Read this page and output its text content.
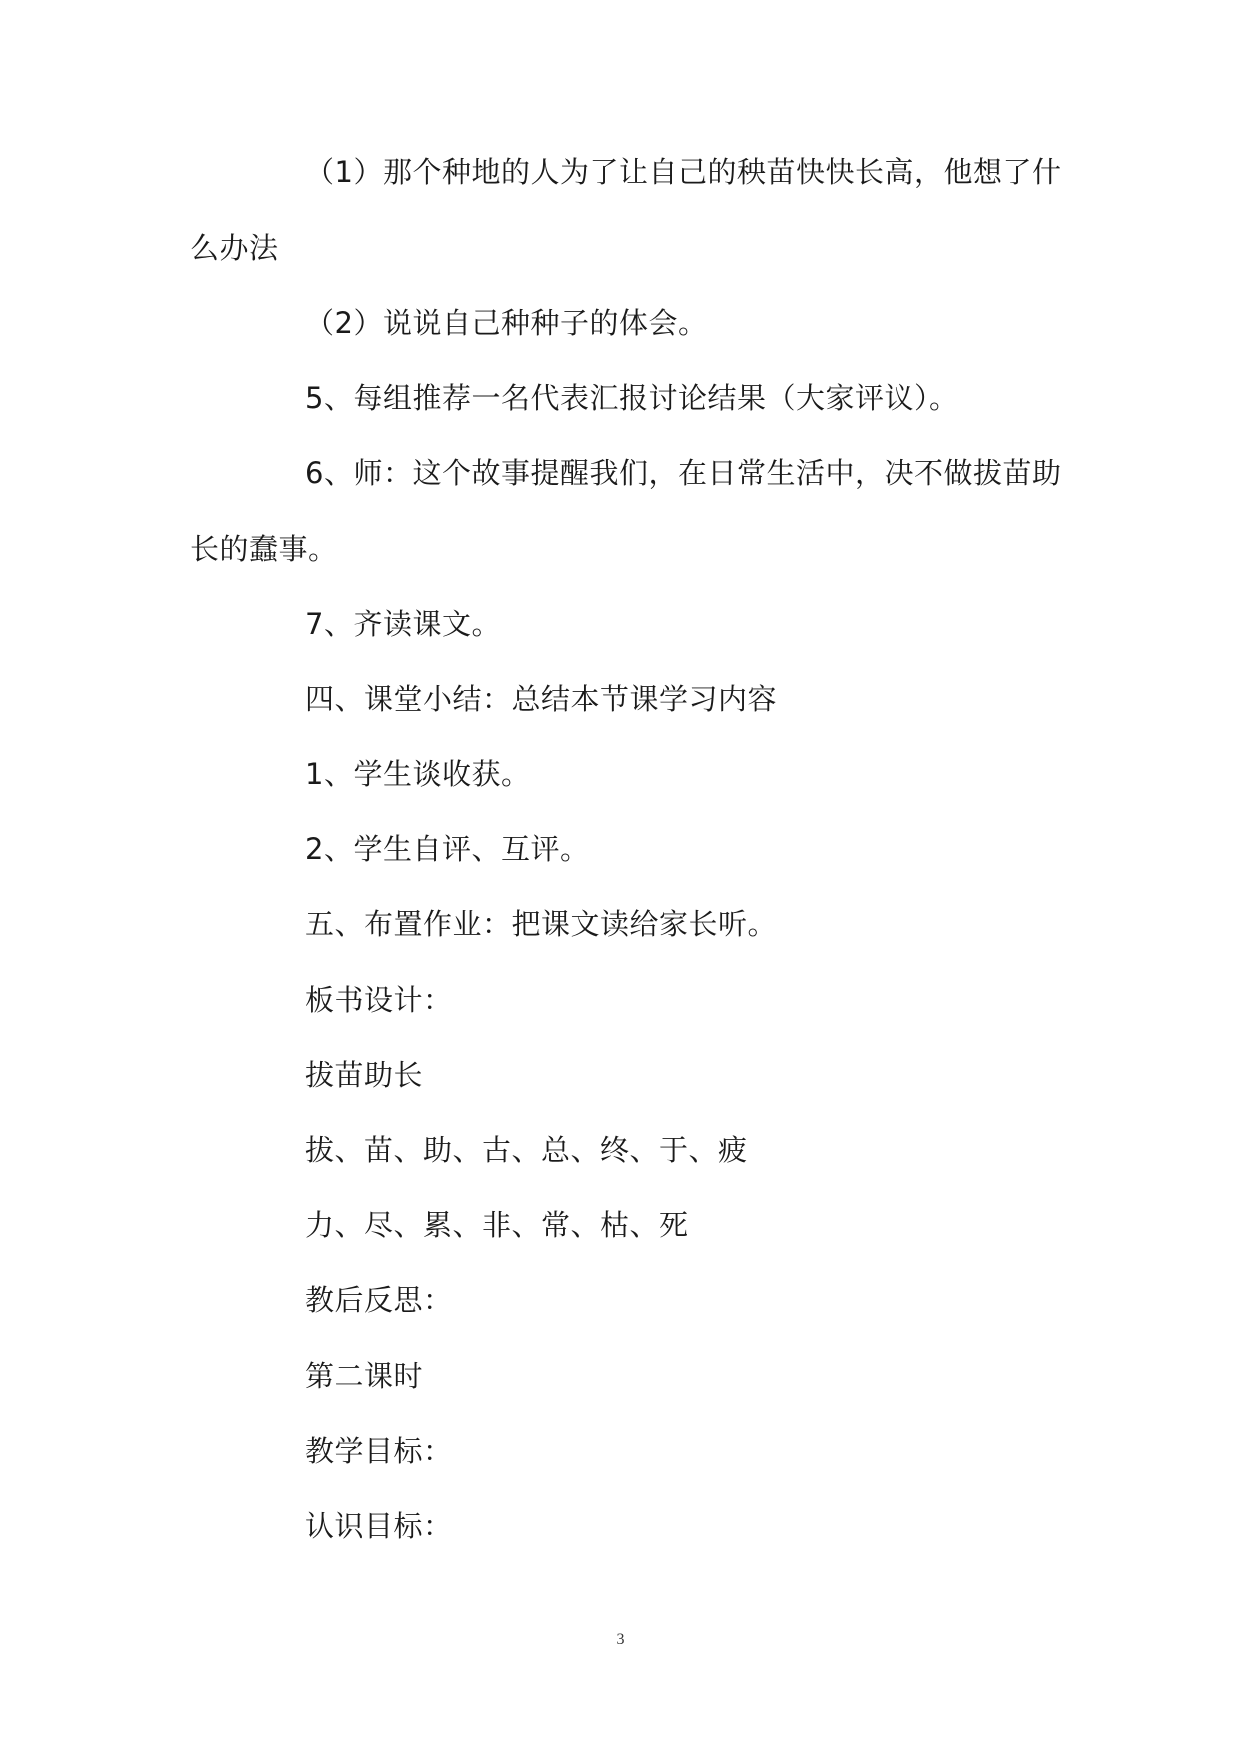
（1）那个种地的人为了让自己的秧苗快快长高，他想了什
么办法
（2）说说自己种种子的体会。
5、每组推荐一名代表汇报讨论结果（大家评议）。
6、师：这个故事提醒我们，在日常生活中，决不做拔苗助
长的蠢事。
7、齐读课文。
四、课堂小结：总结本节课学习内容
1、学生谈收获。
2、学生自评、互评。
五、布置作业：把课文读给家长听。
板书设计：
拔苗助长
拔、苗、助、古、总、终、于、疲
力、尽、累、非、常、枯、死
教后反思：
第二课时
教学目标：
认识目标：
3
